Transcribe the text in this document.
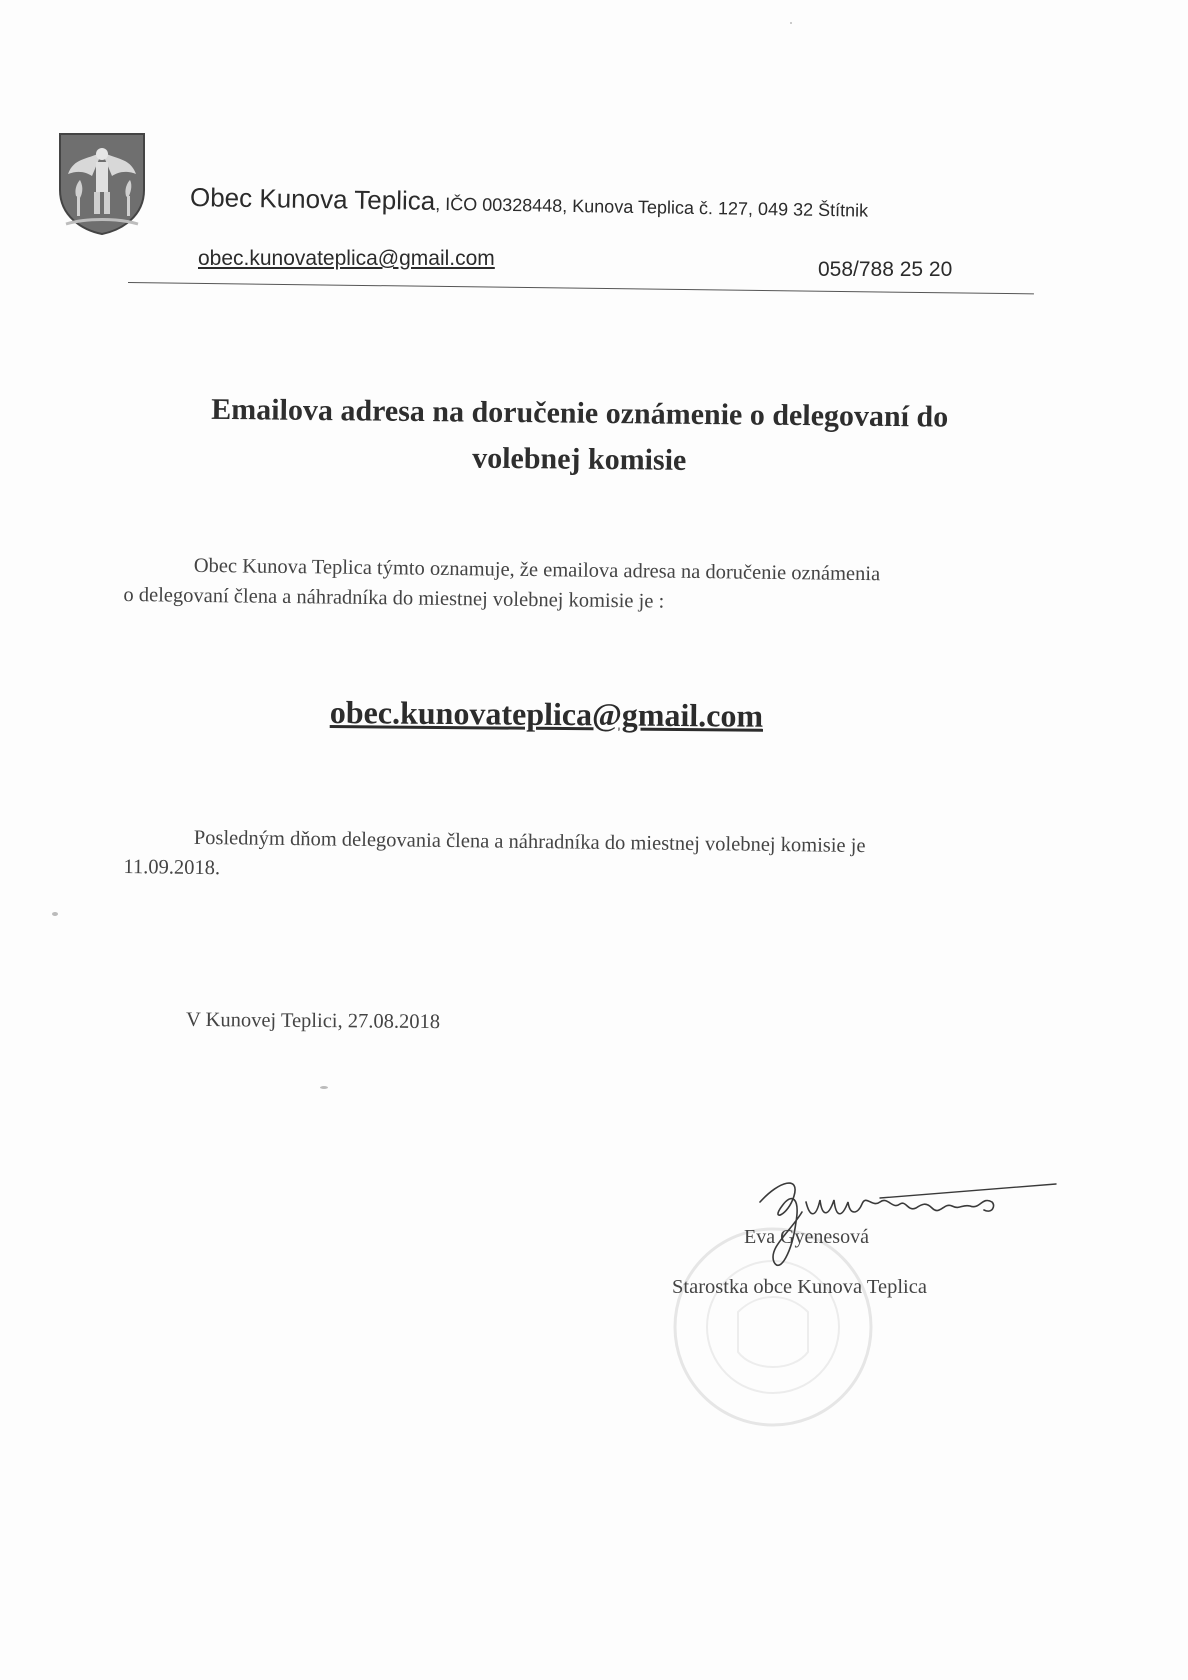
Obec Kunova Teplica, IČO 00328448, Kunova Teplica č. 127, 049 32 Štítnik
obec.kunovateplica@gmail.com	058/788 25 20
Emailova adresa na doručenie oznámenie o delegovaní do
volebnej komisie
Obec Kunova Teplica týmto oznamuje, že emailova adresa na doručenie oznámenia
o delegovaní člena a náhradníka do miestnej volebnej komisie je :
obec.kunovateplica@gmail.com
Posledným dňom delegovania člena a náhradníka do miestnej volebnej komisie je
11.09.2018.
V Kunovej Teplici, 27.08.2018
Eva Gyenesová
Starostka obce Kunova Teplica
